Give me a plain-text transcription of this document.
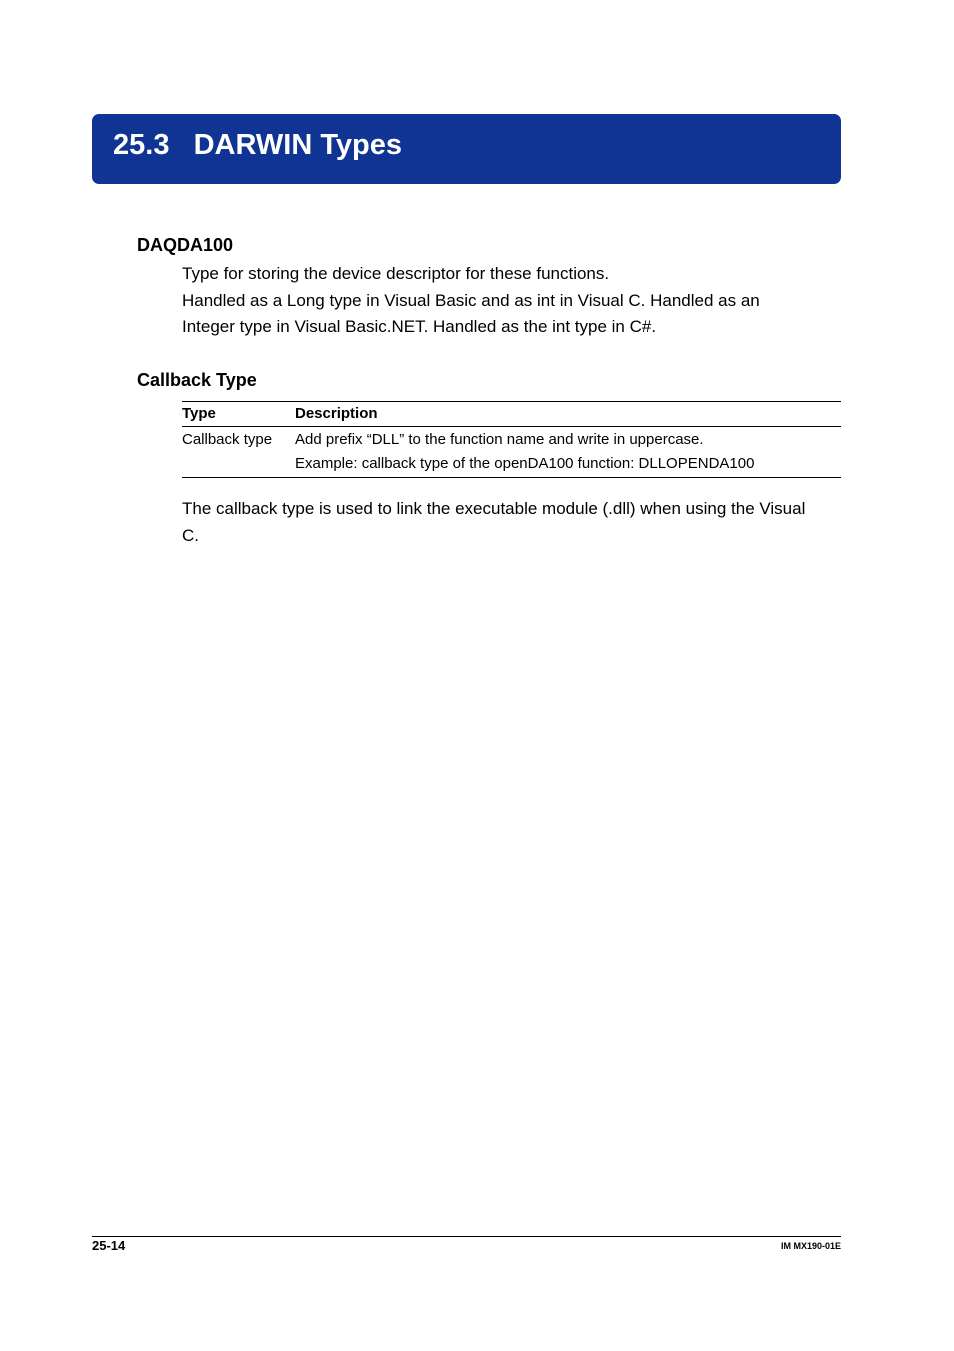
25.3   DARWIN Types
DAQDA100
Type for storing the device descriptor for these functions.
Handled as a Long type in Visual Basic and as int in Visual C. Handled as an
Integer type in Visual Basic.NET. Handled as the int type in C#.
Callback Type
Type	Description
Callback type	Add prefix “DLL” to the function name and write in uppercase.
Example: callback type of the openDA100 function: DLLOPENDA100
The callback type is used to link the executable module (.dll) when using the Visual
C.
25-14	IM MX190-01E
